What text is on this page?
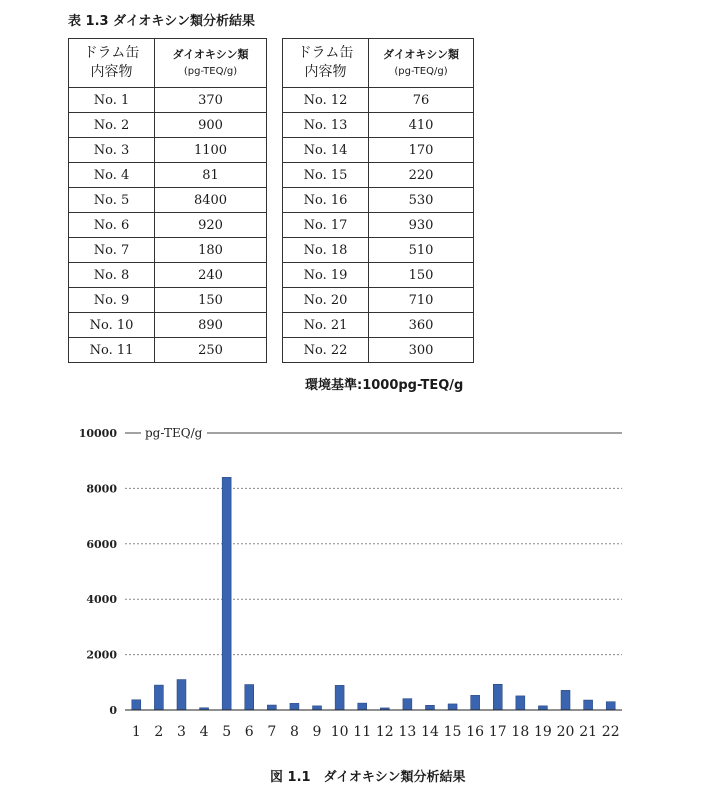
表 1.3 ダイオキシン類分析結果
ドラム缶
内容物	ダイオキシン類
(pg-TEQ/g)

No. 1	370
No. 2	900
No. 3	1100
No. 4	81
No. 5	8400
No. 6	920
No. 7	180
No. 8	240
No. 9	150
No. 10	890
No. 11	250
ドラム缶
内容物	ダイオキシン類
(pg-TEQ/g)

No. 12	76
No. 13	410
No. 14	170
No. 15	220
No. 16	530
No. 17	930
No. 18	510
No. 19	150
No. 20	710
No. 21	360
No. 22	300
環境基準:1000pg-TEQ/g
0
2000
4000
6000
8000
10000
1 2 3 4 5 6 7 8 9 10 11 12 13 14 15 16 17 18 19 20 21 22
pg-TEQ/g
図 1.1　ダイオキシン類分析結果
